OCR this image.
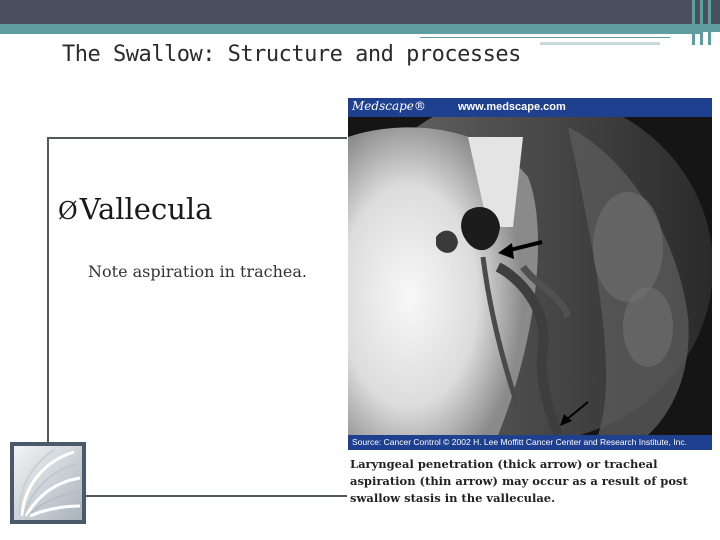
The Swallow: Structure and processes
ØVallecula
Note aspiration in trachea.
Medscape®	www.medscape.com
Source: Cancer Control © 2002 H. Lee Moffitt Cancer Center and Research Institute, Inc.
Laryngeal penetration (thick arrow) or tracheal
aspiration (thin arrow) may occur as a result of post
swallow stasis in the valleculae.
